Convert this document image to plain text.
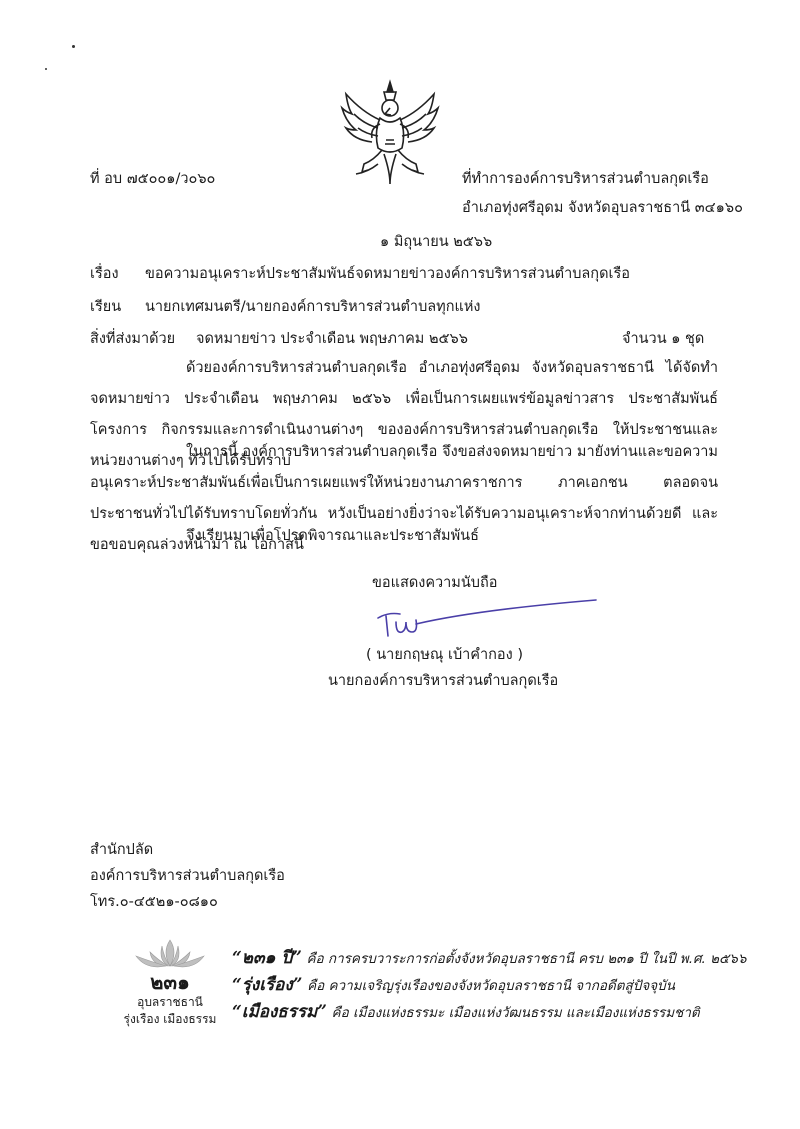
ที่ อบ ๗๕๐๐๑/ว๐๖๐	ที่ทำการองค์การบริหารส่วนตำบลกุดเรือ
อำเภอทุ่งศรีอุดม จังหวัดอุบลราชธานี ๓๔๑๖๐
๑ มิถุนายน ๒๕๖๖
เรื่อง ขอความอนุเคราะห์ประชาสัมพันธ์จดหมายข่าวองค์การบริหารส่วนตำบลกุดเรือ
เรียน นายกเทศมนตรี/นายกองค์การบริหารส่วนตำบลทุกแห่ง
สิ่งที่ส่งมาด้วย จดหมายข่าว ประจำเดือน พฤษภาคม ๒๕๖๖	จำนวน ๑ ชุด
ด้วยองค์การบริหารส่วนตำบลกุดเรือ อำเภอทุ่งศรีอุดม จังหวัดอุบลราชธานี ได้จัดทำจดหมายข่าว ประจำเดือน พฤษภาคม ๒๕๖๖ เพื่อเป็นการเผยแพร่ข้อมูลข่าวสาร ประชาสัมพันธ์โครงการ กิจกรรมและการดำเนินงานต่างๆ ขององค์การบริหารส่วนตำบลกุดเรือ ให้ประชาชนและหน่วยงานต่างๆ ทั่วไปได้รับทราบ
ในการนี้ องค์การบริหารส่วนตำบลกุดเรือ จึงขอส่งจดหมายข่าว มายังท่านและขอความอนุเคราะห์ประชาสัมพันธ์เพื่อเป็นการเผยแพร่ให้หน่วยงานภาคราชการ ภาคเอกชน ตลอดจนประชาชนทั่วไปได้รับทราบโดยทั่วกัน หวังเป็นอย่างยิ่งว่าจะได้รับความอนุเคราะห์จากท่านด้วยดี และขอขอบคุณล่วงหน้ามา ณ โอกาสนี้
จึงเรียนมาเพื่อโปรดพิจารณาและประชาสัมพันธ์
ขอแสดงความนับถือ
( นายกฤษณุ เบ้าคำกอง )
นายกองค์การบริหารส่วนตำบลกุดเรือ
สำนักปลัด
องค์การบริหารส่วนตำบลกุดเรือ
โทร.๐-๔๕๒๑-๐๘๑๐
๒๓๑
อุบลราชธานี
รุ่งเรือง เมืองธรรม
“๒๓๑ ปี” คือ การครบวาระการก่อตั้งจังหวัดอุบลราชธานี ครบ ๒๓๑ ปี ในปี พ.ศ. ๒๕๖๖
“รุ่งเรือง” คือ ความเจริญรุ่งเรืองของจังหวัดอุบลราชธานี จากอดีตสู่ปัจจุบัน
“เมืองธรรม” คือ เมืองแห่งธรรมะ เมืองแห่งวัฒนธรรม และเมืองแห่งธรรมชาติ
